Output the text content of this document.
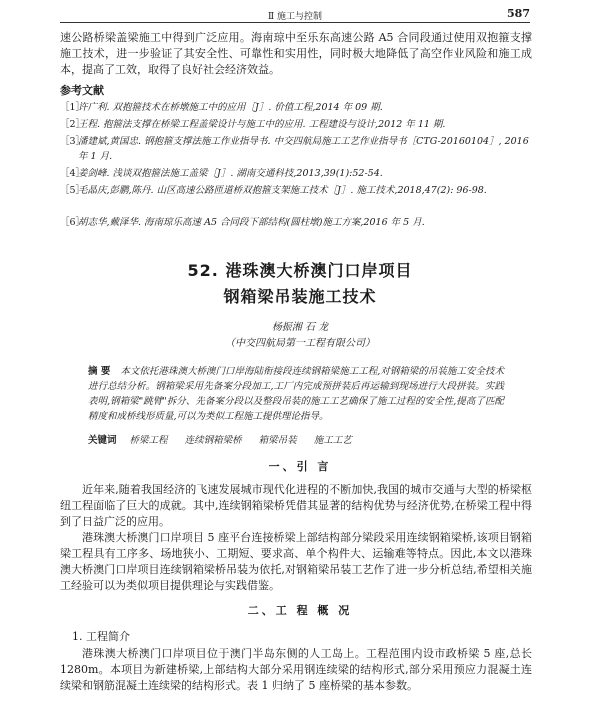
Ⅱ 施工与控制	587

速公路桥梁盖梁施工中得到广泛应用。海南琼中至乐东高速公路 A5 合同段通过使用双抱箍支撑施工技术，进一步验证了其安全性、可靠性和实用性，同时极大地降低了高空作业风险和施工成本，提高了工效，取得了良好社会经济效益。

参考文献
［1］
许广利. 双抱箍技术在桥墩施工中的应用［J］. 价值工程,2014 年 09 期.
［2］
王程. 抱箍法支撑在桥梁工程盖梁设计与施工中的应用. 工程建设与设计,2012 年 11 期.
［3］
潘建斌,黄国忠. 钢抱箍支撑法施工作业指导书. 中交四航局施工工艺作业指导书［CTG-20160104］, 2016 年 1 月.
［4］
姜剑峰. 浅谈双抱箍法施工盖梁［J］. 湖南交通科技,2013,39(1):52-54.
［5］
毛晶庆,彭鹏,陈丹. 山区高速公路匝道桥双抱箍支架施工技术［J］. 施工技术,2018,47(2): 96-98.
［6］
胡志华,戴泽华. 海南琼乐高速 A5 合同段下部结构(圆柱墩)施工方案,2016 年 5 月.
52. 港珠澳大桥澳门口岸项目
钢箱梁吊装施工技术
杨振湘 石 龙
（中交四航局第一工程有限公司）

摘 要 本文依托港珠澳大桥澳门口岸海陆衔接段连续钢箱梁施工工程,对钢箱梁的吊装施工安全技术进行总结分析。钢箱梁采用先备案分段加工,工厂内完成预拼装后再运输到现场进行大段拼装。实践表明,钢箱梁"跳臂"拆分、先备案分段以及整段吊装的施工工艺确保了施工过程的安全性,提高了匹配精度和成桥线形质量,可以为类似工程施工提供理论指导。

关键词 桥梁工程 连续钢箱梁桥 箱梁吊装 施工工艺
一、引 言

近年来,随着我国经济的飞速发展城市现代化进程的不断加快,我国的城市交通与大型的桥梁枢纽工程面临了巨大的成就。其中,连续钢箱梁桥凭借其显著的结构优势与经济优势,在桥梁工程中得到了日益广泛的应用。

港珠澳大桥澳门口岸项目 5 座平台连接桥梁上部结构部分梁段采用连续钢箱梁桥,该项目钢箱梁工程具有工序多、场地狭小、工期短、要求高、单个构件大、运输难等特点。因此,本文以港珠澳大桥澳门口岸项目连续钢箱梁桥吊装为依托,对钢箱梁吊装工艺作了进一步分析总结,希望相关施工经验可以为类似项目提供理论与实践借鉴。

二、工 程 概 况
1. 工程简介

港珠澳大桥澳门口岸项目位于澳门半岛东侧的人工岛上。工程范围内设市政桥梁 5 座,总长 1280m。本项目为新建桥梁,上部结构大部分采用钢连续梁的结构形式,部分采用预应力混凝土连续梁和钢筋混凝土连续梁的结构形式。表 1 归纳了 5 座桥梁的基本参数。
